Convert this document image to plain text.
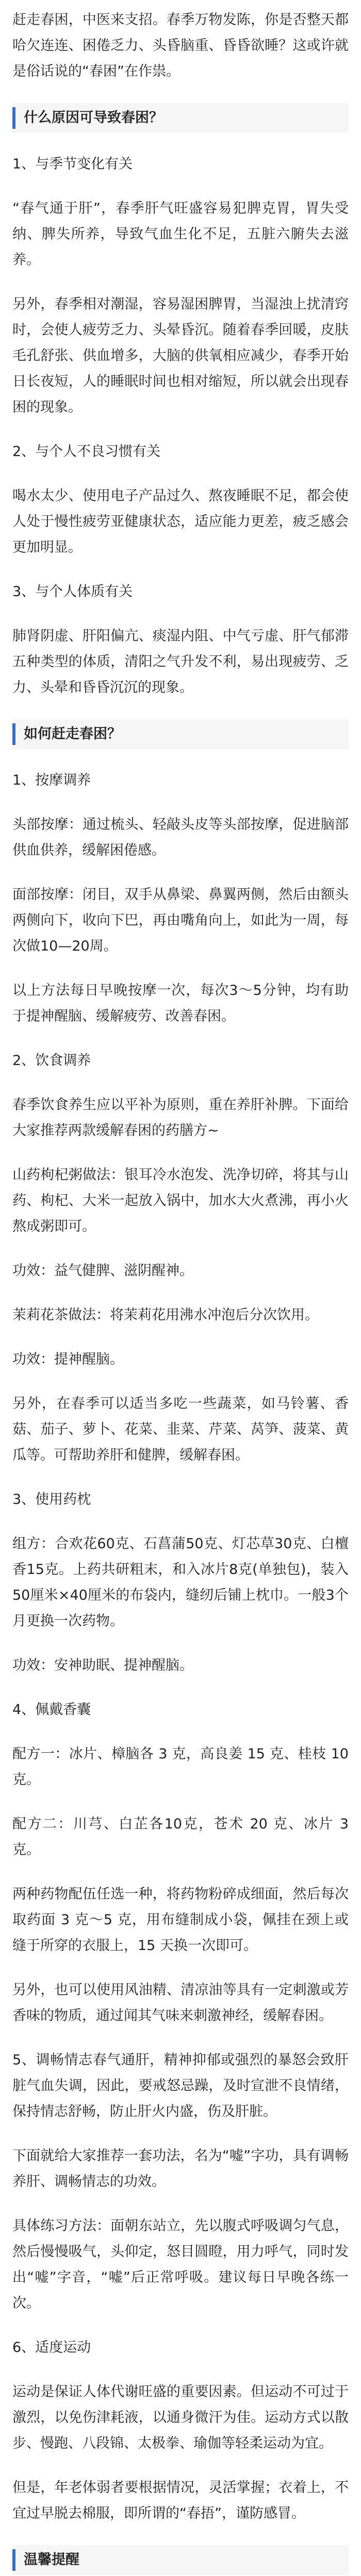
赶走春困，中医来支招。春季万物发陈，你是否整天都哈欠连连、困倦乏力、头昏脑重、昏昏欲睡？这或许就是俗话说的“春困”在作祟。
什么原因可导致春困？
1、与季节变化有关
“春气通于肝”，春季肝气旺盛容易犯脾克胃，胃失受纳、脾失所养，导致气血生化不足，五脏六腑失去滋养。
另外，春季相对潮湿，容易湿困脾胃，当湿浊上扰清窍时，会使人疲劳乏力、头晕昏沉。随着春季回暖，皮肤毛孔舒张、供血增多，大脑的供氧相应减少，春季开始日长夜短，人的睡眠时间也相对缩短，所以就会出现春困的现象。
2、与个人不良习惯有关
喝水太少、使用电子产品过久、熬夜睡眠不足，都会使人处于慢性疲劳亚健康状态，适应能力更差，疲乏感会更加明显。
3、与个人体质有关
肺肾阴虚、肝阳偏亢、痰湿内阻、中气亏虚、肝气郁滞五种类型的体质，清阳之气升发不利，易出现疲劳、乏力、头晕和昏昏沉沉的现象。
如何赶走春困？
1、按摩调养
头部按摩：通过梳头、轻敲头皮等头部按摩，促进脑部供血供养，缓解困倦感。
面部按摩：闭目，双手从鼻梁、鼻翼两侧，然后由额头两侧向下，收向下巴，再由嘴角向上，如此为一周，每次做10—20周。
以上方法每日早晚按摩一次，每次3～5分钟，均有助于提神醒脑、缓解疲劳、改善春困。
2、饮食调养
春季饮食养生应以平补为原则，重在养肝补脾。下面给大家推荐两款缓解春困的药膳方~
山药枸杞粥做法：银耳冷水泡发、洗净切碎，将其与山药、枸杞、大米一起放入锅中，加水大火煮沸，再小火熬成粥即可。
功效：益气健脾、滋阴醒神。
茉莉花茶做法：将茉莉花用沸水冲泡后分次饮用。
功效：提神醒脑。
另外，在春季可以适当多吃一些蔬菜，如马铃薯、香菇、茄子、萝卜、花菜、韭菜、芹菜、莴笋、菠菜、黄瓜等。可帮助养肝和健脾，缓解春困。
3、使用药枕
组方：合欢花60克、石菖蒲50克、灯芯草30克、白檀香15克。上药共研粗末，和入冰片8克(单独包)，装入50厘米×40厘米的布袋内，缝纫后铺上枕巾。一般3个月更换一次药物。
功效：安神助眠、提神醒脑。
4、佩戴香囊
配方一：冰片、樟脑各 3 克，高良姜 15 克、桂枝 10 克。
配方二：川芎、白芷各10克，苍术 20 克、冰片 3 克。
两种药物配伍任选一种，将药物粉碎成细面，然后每次取药面 3 克～5 克，用布缝制成小袋，佩挂在颈上或缝于所穿的衣服上，15 天换一次即可。
另外，也可以使用风油精、清凉油等具有一定刺激或芳香味的物质，通过闻其气味来刺激神经，缓解春困。
5、调畅情志春气通肝，精神抑郁或强烈的暴怒会致肝脏气血失调，因此，要戒怒忌躁，及时宣泄不良情绪，保持情志舒畅，防止肝火内盛，伤及肝脏。
下面就给大家推荐一套功法，名为“嘘”字功，具有调畅养肝、调畅情志的功效。
具体练习方法：面朝东站立，先以腹式呼吸调匀气息，然后慢慢吸气，头仰定，怒目圆瞪，用力呼气，同时发出“嘘”字音，“嘘”后正常呼吸。建议每日早晚各练一次。
6、适度运动
运动是保证人体代谢旺盛的重要因素。但运动不可过于激烈，以免伤津耗液，以通身微汗为佳。运动方式以散步、慢跑、八段锦、太极拳、瑜伽等轻柔运动为宜。
但是，年老体弱者要根据情况，灵活掌握；衣着上，不宜过早脱去棉服，即所谓的“春捂”，谨防感冒。
温馨提醒
